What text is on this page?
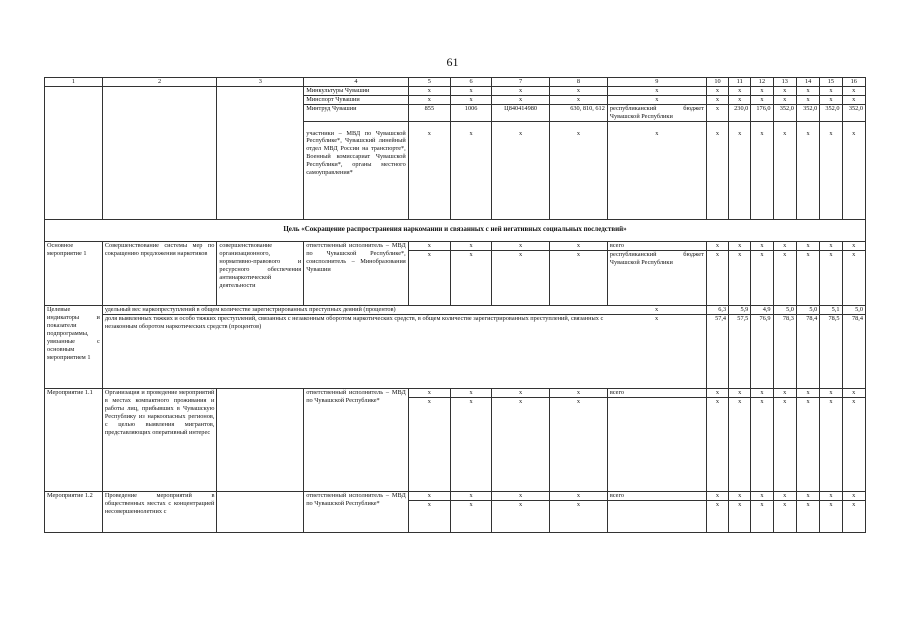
61
1	2	3	4	5	6	7	8	9	10	11	12	13	14	15	16
			Минкультуры Чувашии	х	х	х	х	х	х	х	х	х	х	х	х
			Минспорт Чувашии	х	х	х	х	х	х	х	х	х	х	х	х
			Минтруд Чувашии	855	1006	Ц840414980	630, 810, 612	республиканский бюджет Чувашской Республики	х	230,0	176,0	352,0	352,0	352,0	352,0
			участники – МВД по Чувашской Республике*, Чувашский линейный отдел МВД России на транспорте*, Военный комиссариат Чувашской Республики*, органы местного самоуправления*	х	х	х	х	х	х	х	х	х	х	х	х
Цель «Сокращение распространения наркомании и связанных с ней негативных социальных последствий»															
Основное мероприятие 1	Совершенствование системы мер по сокращению предложения наркотиков	совершенствование организационного, нормативно-правового и ресурсного обеспечения антинаркотической деятельности	ответственный исполнитель – МВД по Чувашской Республике*, соисполнитель – Минобразования Чувашии	х	х	х	х	всего	х	х	х	х	х	х	х
				х	х	х	х	республиканский бюджет Чувашской Республики	х	х	х	х	х	х	х
Целевые индикаторы и показатели подпрограммы, увязанные с основным мероприятием 1	удельный вес наркопреступлений в общем количестве зарегистрированных преступных деяний (процентов)							х	6,3	5,9	4,9	5,0	5,0	5,1	5,0
	доля выявленных тяжких и особо тяжких преступлений, связанных с незаконным оборотом наркотических средств, в общем количестве зарегистрированных преступлений, связанных с незаконным оборотом наркотических средств (процентов)							х	57,4	57,5	76,9	78,3	78,4	78,5	78,4
Мероприятие 1.1	Организация и проведение мероприятий в местах компактного проживания и работы лиц, прибывших в Чувашскую Республику из наркоопасных регионов, с целью выявления мигрантов, представляющих оперативный интерес		ответственный исполнитель – МВД по Чувашской Республике*	х	х	х	х	всего	х	х	х	х	х	х	х
				х	х	х	х		х	х	х	х	х	х	х
Мероприятие 1.2	Проведение мероприятий в общественных местах с концентрацией несовершеннолетних с		ответственный исполнитель – МВД по Чувашской Республике*	х	х	х	х	всего	х	х	х	х	х	х	х
				х	х	х	х		х	х	х	х	х	х	х
